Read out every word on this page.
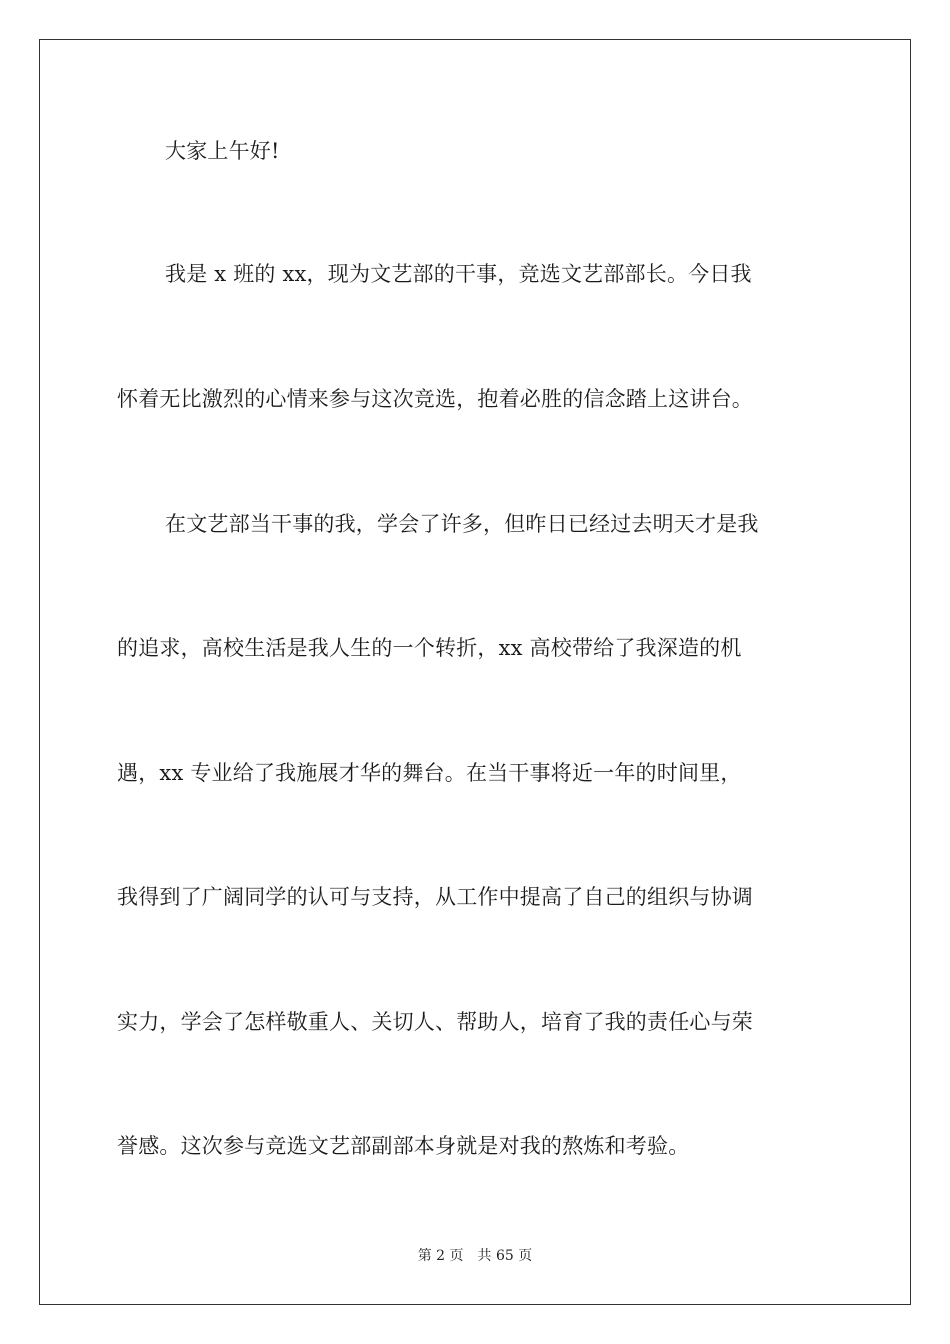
大家上午好!
我是 x 班的 xx，现为文艺部的干事，竞选文艺部部长。今日我
怀着无比激烈的心情来参与这次竞选，抱着必胜的信念踏上这讲台。
在文艺部当干事的我，学会了许多，但昨日已经过去明天才是我
的追求，高校生活是我人生的一个转折，xx 高校带给了我深造的机
遇，xx 专业给了我施展才华的舞台。在当干事将近一年的时间里，
我得到了广阔同学的认可与支持，从工作中提高了自己的组织与协调
实力，学会了怎样敬重人、关切人、帮助人，培育了我的责任心与荣
誉感。这次参与竞选文艺部副部本身就是对我的熬炼和考验。
第 2 页　共 65 页
